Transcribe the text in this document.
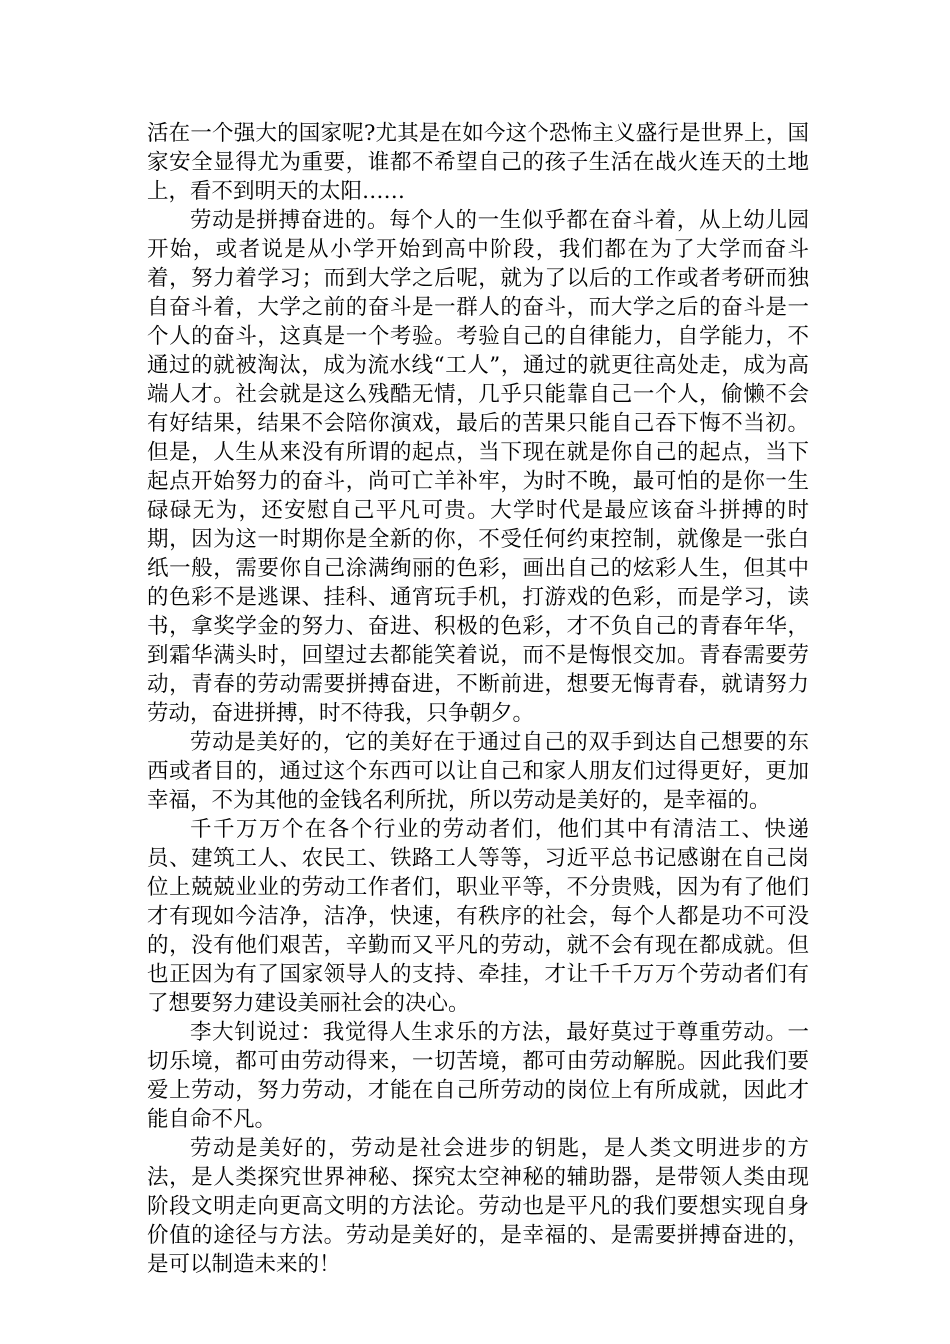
活在一个强大的国家呢?尤其是在如今这个恐怖主义盛行是世界上，国家安全显得尤为重要，谁都不希望自己的孩子生活在战火连天的土地上，看不到明天的太阳……

劳动是拼搏奋进的。每个人的一生似乎都在奋斗着，从上幼儿园开始，或者说是从小学开始到高中阶段，我们都在为了大学而奋斗着，努力着学习；而到大学之后呢，就为了以后的工作或者考研而独自奋斗着，大学之前的奋斗是一群人的奋斗，而大学之后的奋斗是一个人的奋斗，这真是一个考验。考验自己的自律能力，自学能力，不通过的就被淘汰，成为流水线“工人”，通过的就更往高处走，成为高端人才。社会就是这么残酷无情，几乎只能靠自己一个人，偷懒不会有好结果，结果不会陪你演戏，最后的苦果只能自己吞下悔不当初。但是，人生从来没有所谓的起点，当下现在就是你自己的起点，当下起点开始努力的奋斗，尚可亡羊补牢，为时不晚，最可怕的是你一生碌碌无为，还安慰自己平凡可贵。大学时代是最应该奋斗拼搏的时期，因为这一时期你是全新的你，不受任何约束控制，就像是一张白纸一般，需要你自己涂满绚丽的色彩，画出自己的炫彩人生，但其中的色彩不是逃课、挂科、通宵玩手机，打游戏的色彩，而是学习，读书，拿奖学金的努力、奋进、积极的色彩，才不负自己的青春年华，到霜华满头时，回望过去都能笑着说，而不是悔恨交加。青春需要劳动，青春的劳动需要拼搏奋进，不断前进，想要无悔青春，就请努力劳动，奋进拼搏，时不待我，只争朝夕。

劳动是美好的，它的美好在于通过自己的双手到达自己想要的东西或者目的，通过这个东西可以让自己和家人朋友们过得更好，更加幸福，不为其他的金钱名利所扰，所以劳动是美好的，是幸福的。

千千万万个在各个行业的劳动者们，他们其中有清洁工、快递员、建筑工人、农民工、铁路工人等等，习近平总书记感谢在自己岗位上兢兢业业的劳动工作者们，职业平等，不分贵贱，因为有了他们才有现如今洁净，洁净，快速，有秩序的社会，每个人都是功不可没的，没有他们艰苦，辛勤而又平凡的劳动，就不会有现在都成就。但也正因为有了国家领导人的支持、牵挂，才让千千万万个劳动者们有了想要努力建设美丽社会的决心。

李大钊说过：我觉得人生求乐的方法，最好莫过于尊重劳动。一切乐境，都可由劳动得来，一切苦境，都可由劳动解脱。因此我们要爱上劳动，努力劳动，才能在自己所劳动的岗位上有所成就，因此才能自命不凡。

劳动是美好的，劳动是社会进步的钥匙，是人类文明进步的方法，是人类探究世界神秘、探究太空神秘的辅助器，是带领人类由现阶段文明走向更高文明的方法论。劳动也是平凡的我们要想实现自身价值的途径与方法。劳动是美好的，是幸福的、是需要拼搏奋进的，是可以制造未来的！
